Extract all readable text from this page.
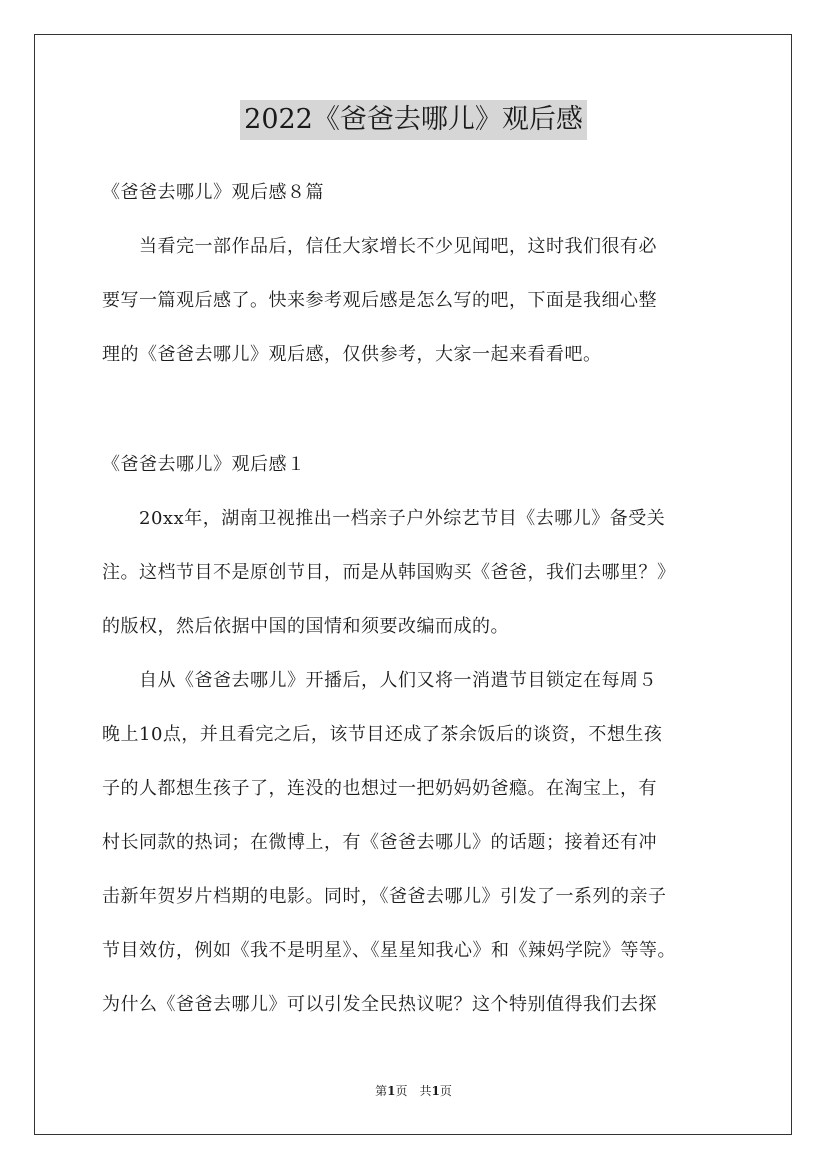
2022《爸爸去哪儿》观后感
《爸爸去哪儿》观后感８篇
　　当看完一部作品后，信任大家增长不少见闻吧，这时我们很有必
要写一篇观后感了。快来参考观后感是怎么写的吧，下面是我细心整
理的《爸爸去哪儿》观后感，仅供参考，大家一起来看看吧。
《爸爸去哪儿》观后感１
　　20xx年，湖南卫视推出一档亲子户外综艺节目《去哪儿》备受关
注。这档节目不是原创节目，而是从韩国购买《爸爸，我们去哪里？》
的版权，然后依据中国的国情和须要改编而成的。
　　自从《爸爸去哪儿》开播后，人们又将一消遣节目锁定在每周５
晚上10点，并且看完之后，该节目还成了茶余饭后的谈资，不想生孩
子的人都想生孩子了，连没的也想过一把奶妈奶爸瘾。在淘宝上，有
村长同款的热词；在微博上，有《爸爸去哪儿》的话题；接着还有冲
击新年贺岁片档期的电影。同时，《爸爸去哪儿》引发了一系列的亲子
节目效仿，例如《我不是明星》、《星星知我心》和《辣妈学院》等等。
为什么《爸爸去哪儿》可以引发全民热议呢？这个特别值得我们去探
第1页　共1页
